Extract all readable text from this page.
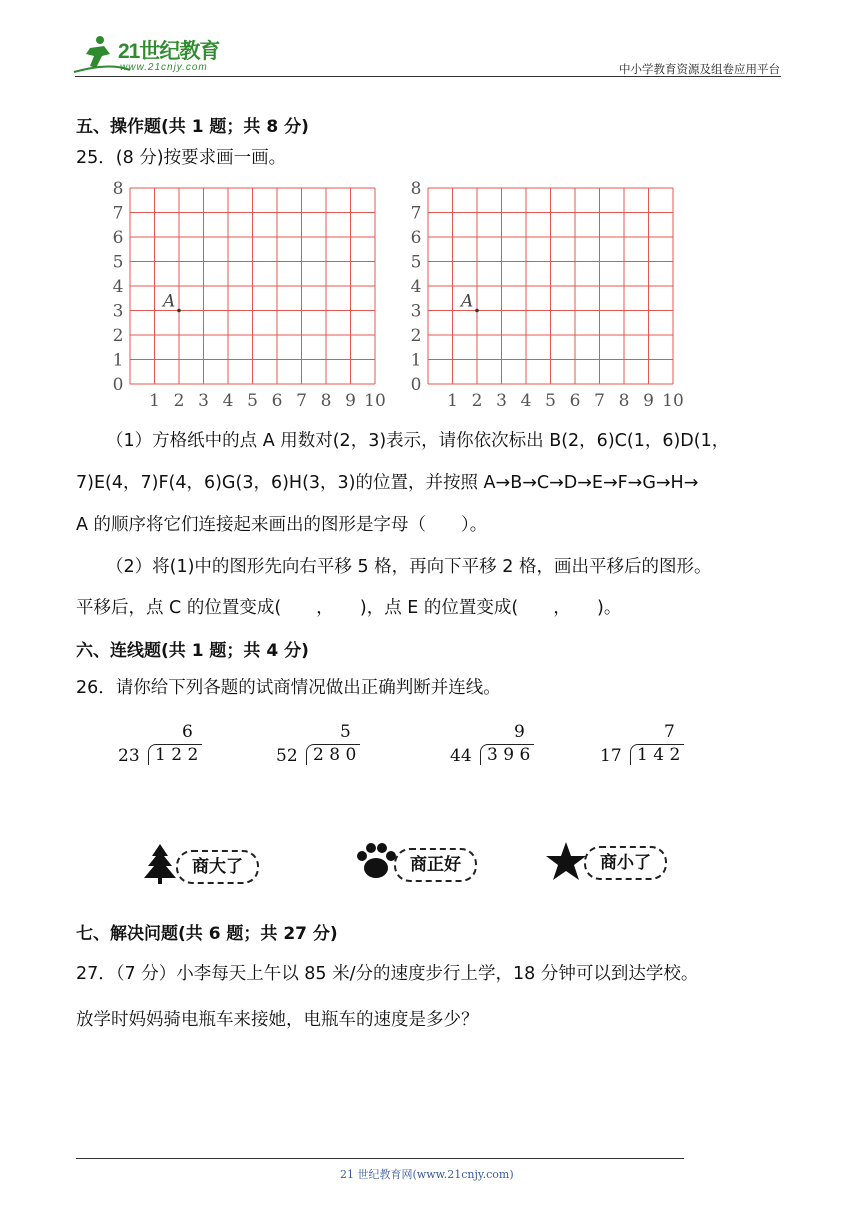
21世纪教育
www.21cnjy.com	中小学教育资源及组卷应用平台
五、操作题(共 1 题；共 8 分)
25．(8 分)按要求画一画。
1 2 3 4 5 6 7 8 9 10
0
1
2
3
4
5
6
7
8
A
1 2 3 4 5 6 7 8 9 10
0
1
2
3
4
5
6
7
8
A
（1）方格纸中的点 A 用数对(2，3)表示，请你依次标出 B(2，6)C(1，6)D(1，
7)E(4，7)F(4，6)G(3，6)H(3，3)的位置，并按照 A→B→C→D→E→F→G→H→
A 的顺序将它们连接起来画出的图形是字母（　　）。
（2）将(1)中的图形先向右平移 5 格，再向下平移 2 格，画出平移后的图形。
平移后，点 C 的位置变成(　　，　　)，点 E 的位置变成(　　，　　)。
六、连线题(共 1 题；共 4 分)
26．请你给下列各题的试商情况做出正确判断并连线。
6
23 1 2 2
5
52 2 8 0
9
44 3 9 6
7
17 1 4 2
商大了	商正好	商小了
七、解决问题(共 6 题；共 27 分)
27．（7 分）小李每天上午以 85 米/分的速度步行上学，18 分钟可以到达学校。
放学时妈妈骑电瓶车来接她，电瓶车的速度是多少？
21 世纪教育网(www.21cnjy.com)
